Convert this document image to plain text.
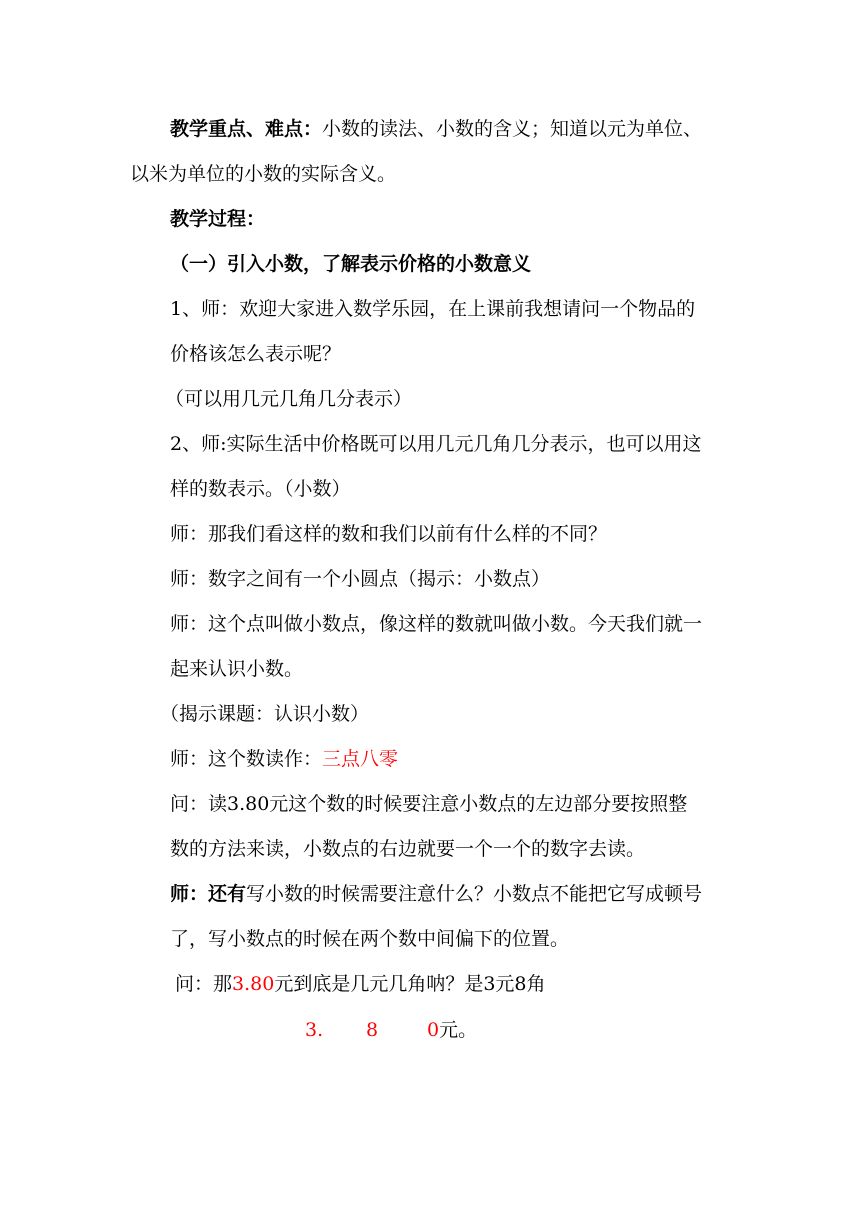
教学重点、难点：小数的读法、小数的含义；知道以元为单位、
以米为单位的小数的实际含义。
教学过程：
（一）引入小数，了解表示价格的小数意义
1、师：欢迎大家进入数学乐园，在上课前我想请问一个物品的
价格该怎么表示呢？
（可以用几元几角几分表示）
2、师:实际生活中价格既可以用几元几角几分表示，也可以用这
样的数表示。（小数）
师：那我们看这样的数和我们以前有什么样的不同？
师：数字之间有一个小圆点（揭示：小数点）
师：这个点叫做小数点，像这样的数就叫做小数。今天我们就一
起来认识小数。
（揭示课题：认识小数）
师：这个数读作：三点八零
问：读3.80元这个数的时候要注意小数点的左边部分要按照整
数的方法来读，小数点的右边就要一个一个的数字去读。
师：还有写小数的时候需要注意什么？小数点不能把它写成顿号
了，写小数点的时候在两个数中间偏下的位置。
问：那3.80元到底是几元几角呐？是3元8角
3. 8	0元。
